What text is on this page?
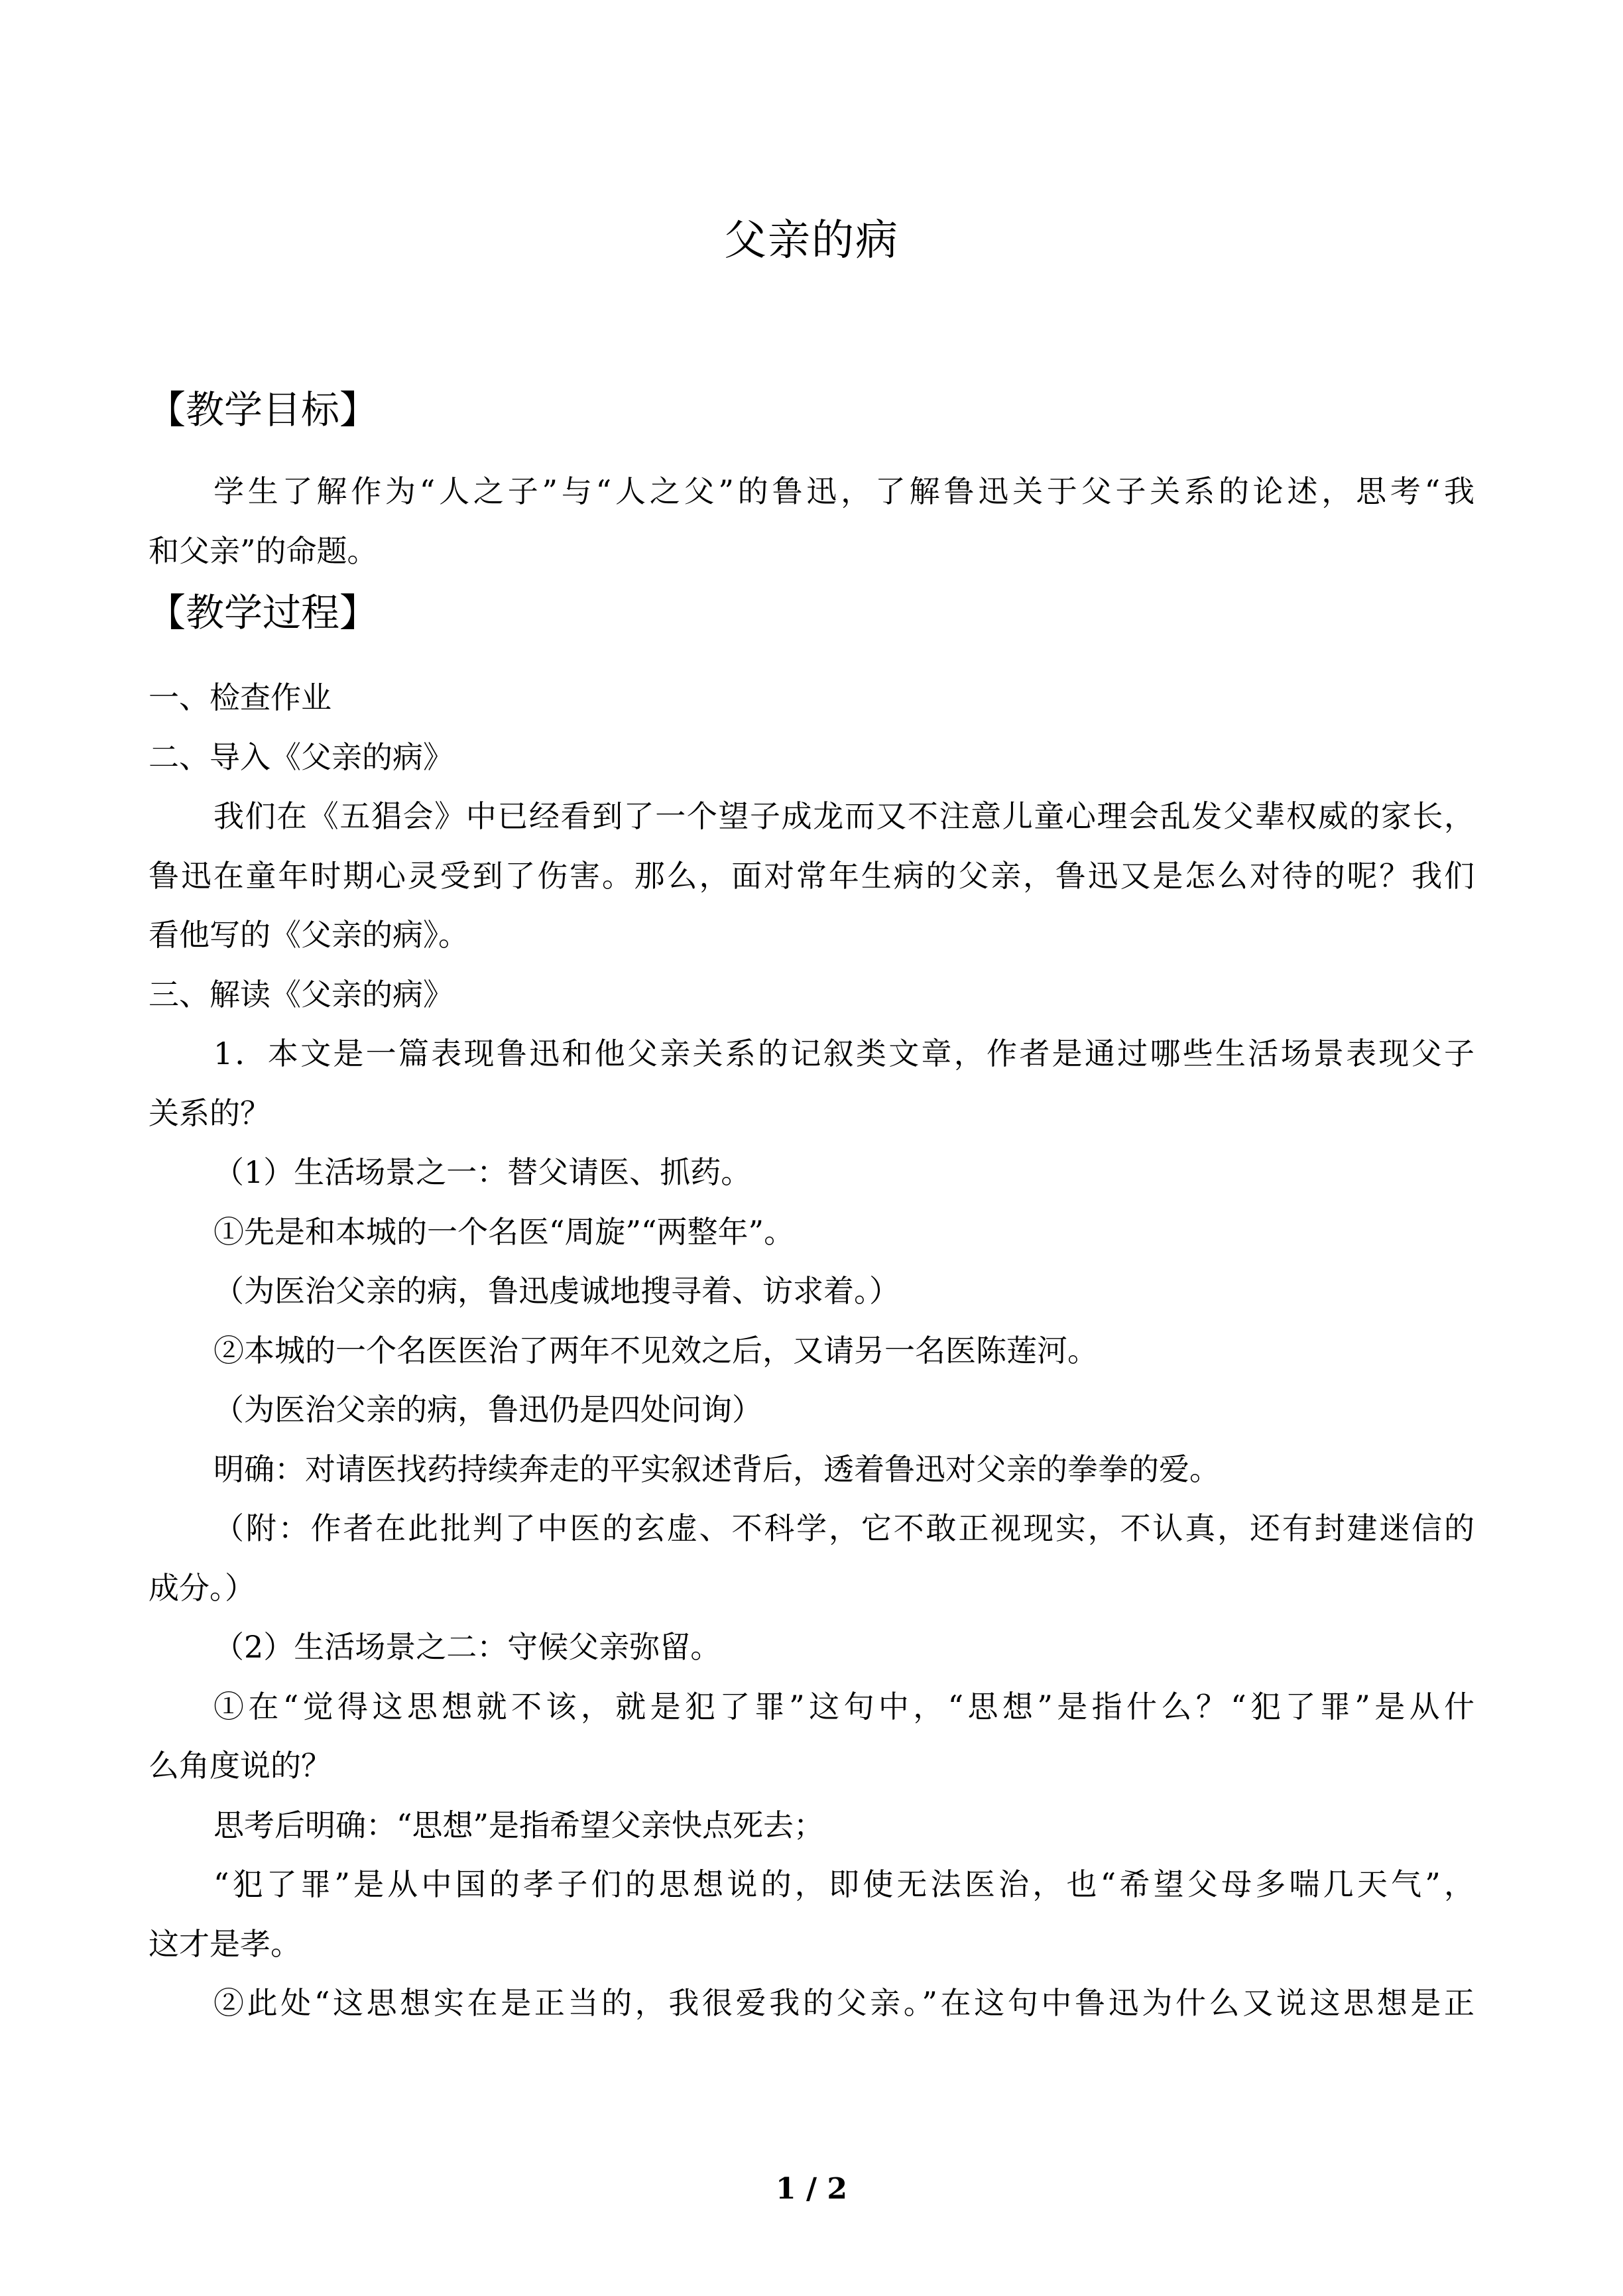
父亲的病
【教学目标】
学生了解作为“人之子”与“人之父”的鲁迅，了解鲁迅关于父子关系的论述，思考“我
和父亲”的命题。
【教学过程】
一、检查作业
二、导入《父亲的病》
我们在《五猖会》中已经看到了一个望子成龙而又不注意儿童心理会乱发父辈权威的家长，
鲁迅在童年时期心灵受到了伤害。那么，面对常年生病的父亲，鲁迅又是怎么对待的呢？我们
看他写的《父亲的病》。
三、解读《父亲的病》
1．本文是一篇表现鲁迅和他父亲关系的记叙类文章，作者是通过哪些生活场景表现父子
关系的？
（1）生活场景之一：替父请医、抓药。
①先是和本城的一个名医“周旋”“两整年”。
（为医治父亲的病，鲁迅虔诚地搜寻着、访求着。）
②本城的一个名医医治了两年不见效之后，又请另一名医陈莲河。
（为医治父亲的病，鲁迅仍是四处问询）
明确：对请医找药持续奔走的平实叙述背后，透着鲁迅对父亲的拳拳的爱。
（附：作者在此批判了中医的玄虚、不科学，它不敢正视现实，不认真，还有封建迷信的
成分。）
（2）生活场景之二：守候父亲弥留。
①在“觉得这思想就不该，就是犯了罪”这句中，“思想”是指什么？“犯了罪”是从什
么角度说的？
思考后明确：“思想”是指希望父亲快点死去；
“犯了罪”是从中国的孝子们的思想说的，即使无法医治，也“希望父母多喘几天气”，
这才是孝。
②此处“这思想实在是正当的，我很爱我的父亲。”在这句中鲁迅为什么又说这思想是正
1 / 2
